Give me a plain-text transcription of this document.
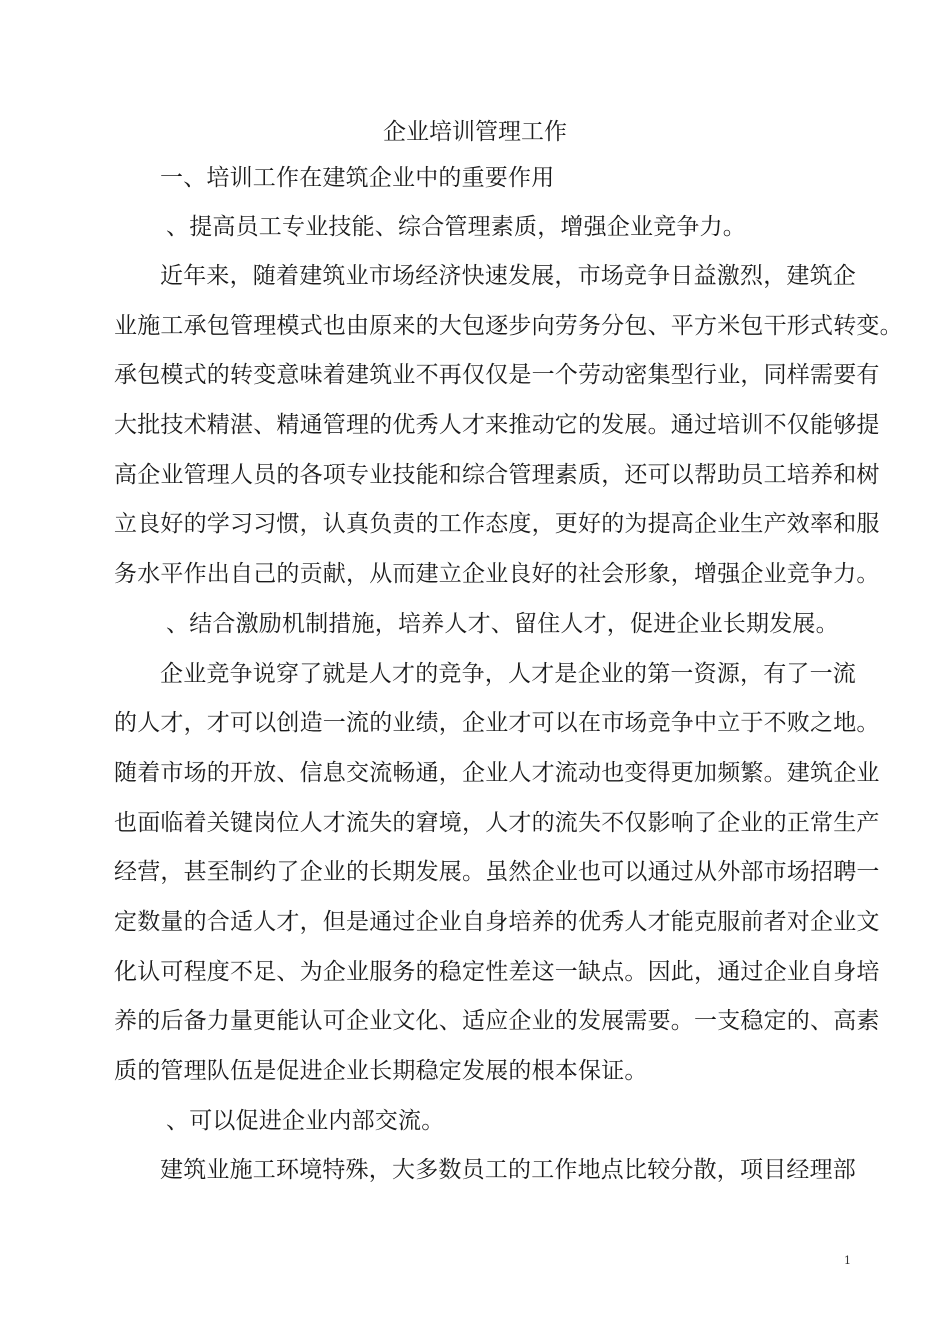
企业培训管理工作
一、培训工作在建筑企业中的重要作用
、提高员工专业技能、综合管理素质，增强企业竞争力。
近年来，随着建筑业市场经济快速发展，市场竞争日益激烈，建筑企
业施工承包管理模式也由原来的大包逐步向劳务分包、平方米包干形式转变。
承包模式的转变意味着建筑业不再仅仅是一个劳动密集型行业，同样需要有
大批技术精湛、精通管理的优秀人才来推动它的发展。通过培训不仅能够提
高企业管理人员的各项专业技能和综合管理素质，还可以帮助员工培养和树
立良好的学习习惯，认真负责的工作态度，更好的为提高企业生产效率和服
务水平作出自己的贡献，从而建立企业良好的社会形象，增强企业竞争力。
、结合激励机制措施，培养人才、留住人才，促进企业长期发展。
企业竞争说穿了就是人才的竞争，人才是企业的第一资源，有了一流
的人才，才可以创造一流的业绩，企业才可以在市场竞争中立于不败之地。
随着市场的开放、信息交流畅通，企业人才流动也变得更加频繁。建筑企业
也面临着关键岗位人才流失的窘境，人才的流失不仅影响了企业的正常生产
经营，甚至制约了企业的长期发展。虽然企业也可以通过从外部市场招聘一
定数量的合适人才，但是通过企业自身培养的优秀人才能克服前者对企业文
化认可程度不足、为企业服务的稳定性差这一缺点。因此，通过企业自身培
养的后备力量更能认可企业文化、适应企业的发展需要。一支稳定的、高素
质的管理队伍是促进企业长期稳定发展的根本保证。
、可以促进企业内部交流。
建筑业施工环境特殊，大多数员工的工作地点比较分散，项目经理部
1
